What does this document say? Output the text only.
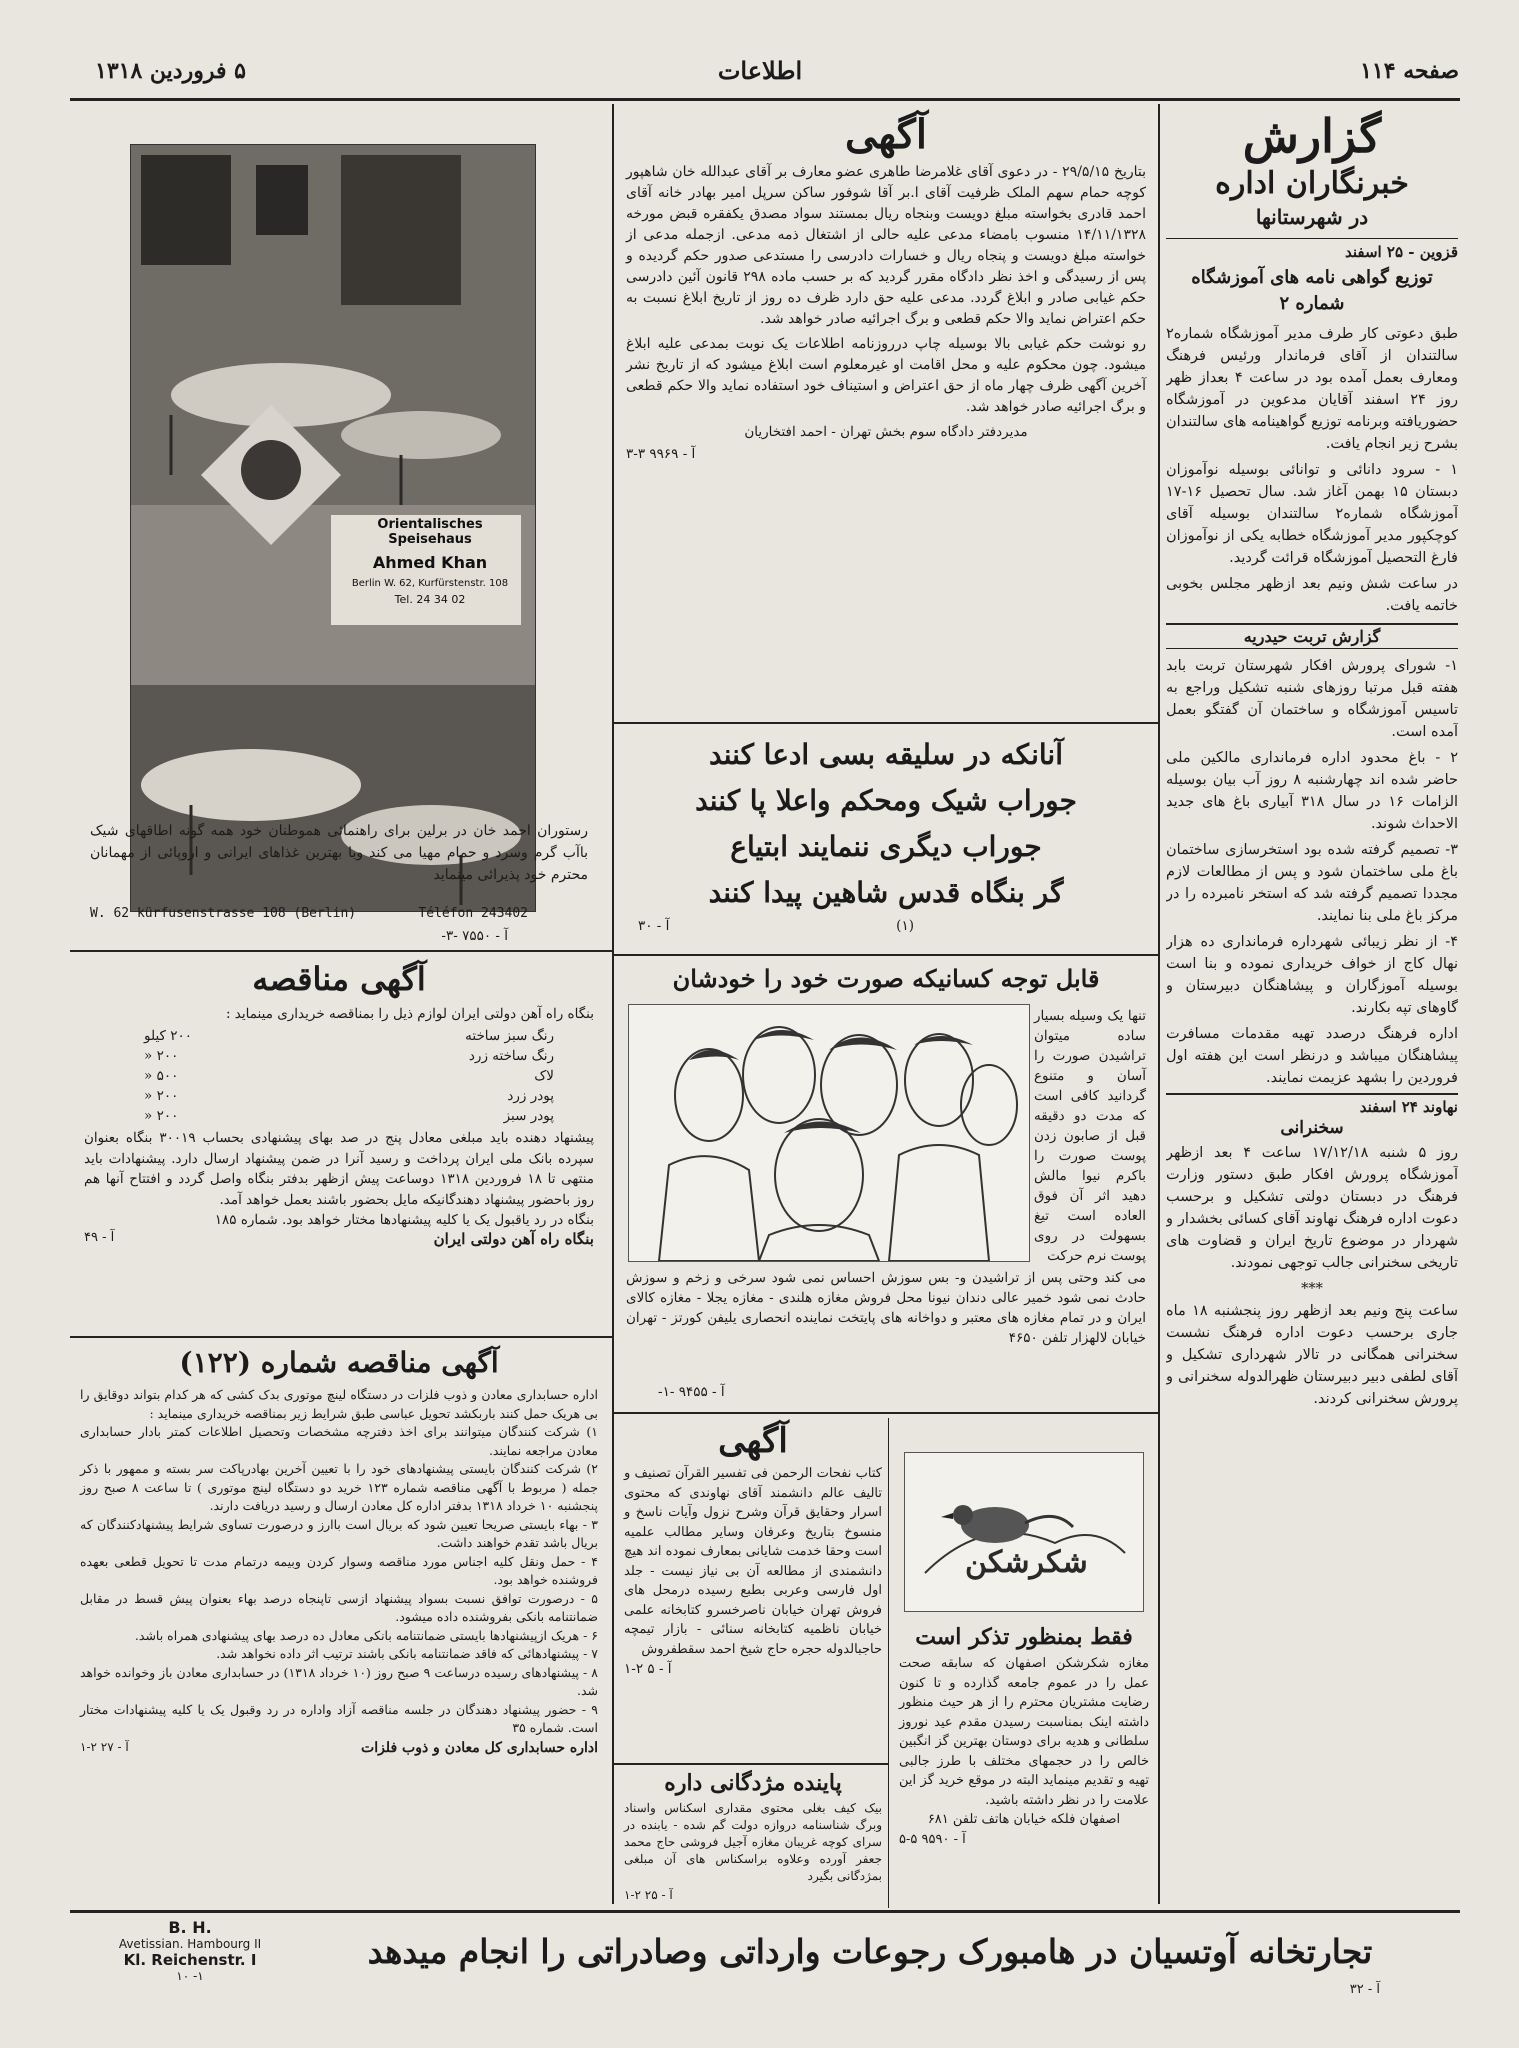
صفحه ۱۱۴
اطلاعات
۵ فروردین ۱۳۱۸
گزارش
خبرنگاران اداره
در شهرستانها
قزوین - ۲۵ اسفند
توزیع گواهی نامه های آموزشگاه شماره ۲

طبق دعوتی کار طرف مدیر آموزشگاه شماره۲ سالتندان از آقای فرماندار ورئیس فرهنگ ومعارف بعمل آمده بود در ساعت ۴ بعداز ظهر روز ۲۴ اسفند آقایان مدعوین در آموزشگاه حضوریافته وبرنامه توزیع گواهینامه های سالتندان بشرح زیر انجام یافت.

۱ - سرود دانائی و توانائی بوسیله نوآموزان دبستان ۱۵ بهمن آغاز شد. سال تحصیل ۱۶-۱۷ آموزشگاه شماره۲ سالتندان بوسیله آقای کوچکپور مدیر آموزشگاه خطابه یکی از نوآموزان فارغ التحصیل آموزشگاه قرائت گردید.

در ساعت شش ونیم بعد ازظهر مجلس بخوبی خاتمه یافت.

گزارش تربت حیدریه

۱- شورای پرورش افکار شهرستان تربت بابد هفته قبل مرتبا روزهای شنبه تشکیل وراجع به تاسیس آموزشگاه و ساختمان آن گفتگو بعمل آمده است.

۲ - باغ محدود اداره فرمانداری مالکین ملی حاضر شده اند چهارشنبه ۸ روز آب بیان بوسیله الزامات ۱۶ در سال ۳۱۸ آبیاری باغ های جدید الاحداث شوند.

۳- تصمیم گرفته شده بود استخرسازی ساختمان باغ ملی ساختمان شود و پس از مطالعات لازم مجددا تصمیم گرفته شد که استخر نامبرده را در مرکز باغ ملی بنا نمایند.

۴- از نظر زیبائی شهرداره فرمانداری ده هزار نهال کاج از خواف خریداری نموده و بنا است بوسیله آموزگاران و پیشاهنگان دبیرستان و گاوهای تپه بکارند.

اداره فرهنگ درصدد تهیه مقدمات مسافرت پیشاهنگان میباشد و درنظر است این هفته اول فروردین را بشهد عزیمت نمایند.

نهاوند ۲۴ اسفند
سخنرانی

روز ۵ شنبه ۱۷/۱۲/۱۸ ساعت ۴ بعد ازظهر آموزشگاه پرورش افکار طبق دستور وزارت فرهنگ در دبستان دولتی تشکیل و برحسب دعوت اداره فرهنگ نهاوند آقای کسائی بخشدار و شهردار در موضوع تاریخ ایران و قضاوت های تاریخی سخنرانی جالب توجهی نمودند.

***

ساعت پنج ونیم بعد ازظهر روز پنجشنبه ۱۸ ماه جاری برحسب دعوت اداره فرهنگ نشست سخنرانی همگانی در تالار شهرداری تشکیل و آقای لطفی دبیر دبیرستان ظهرالدوله سخنرانی و پرورش سخنرانی کردند.

آگهی

بتاریخ ۲۹/۵/۱۵ - در دعوی آقای غلامرضا طاهری عضو معارف بر آقای عبدالله خان شاهپور کوچه حمام سهم الملک ظرفیت آقای ا.بر آقا شوفور ساکن سرپل امیر بهادر خانه آقای احمد قادری بخواسته مبلغ دویست وبنجاه ریال بمستند سواد مصدق یکفقره قبض مورخه ۱۴/۱۱/۱۳۲۸ منسوب بامضاء مدعی علیه حالی از اشتغال ذمه مدعی. ازجمله مدعی از خواسته مبلغ دویست و پنجاه ریال و خسارات دادرسی را مستدعی صدور حکم گردیده و پس از رسیدگی و اخذ نظر دادگاه مقرر گردید که بر حسب ماده ۲۹۸ قانون آئین دادرسی حکم غیابی صادر و ابلاغ گردد. مدعی علیه حق دارد ظرف ده روز از تاریخ ابلاغ نسبت به حکم اعتراض نماید والا حکم قطعی و برگ اجرائیه صادر خواهد شد.

رو نوشت حکم غیابی بالا بوسیله چاپ درروزنامه اطلاعات یک نوبت بمدعی علیه ابلاغ میشود. چون محکوم علیه و محل اقامت او غیرمعلوم است ابلاغ میشود که از تاریخ نشر آخرین آگهی ظرف چهار ماه از حق اعتراض و استیناف خود استفاده نماید والا حکم قطعی و برگ اجرائیه صادر خواهد شد.

مدیردفتر دادگاه سوم بخش تهران - احمد افتخاریان
آ - ۹۹۶۹ ۳-۳
آنانکه در سلیقه بسی ادعا کنند
جوراب شیک ومحکم واعلا پا کنند
جوراب دیگری ننمایند ابتیاع
گر بنگاه قدس شاهین پیدا کنند
(۱)
آ - ۳۰
قابل توجه کسانیکه صورت خود را خودشان
تنها یک وسیله بسیار ساده میتوان تراشیدن صورت را آسان و متنوع گردانید کافی است که مدت دو دقیقه قبل از صابون زدن پوست صورت را باکرم نیوا مالش دهید اثر آن فوق العاده است تیغ بسهولت در روی پوست نرم حرکت
می کند وحتی پس از تراشیدن و- بس سوزش احساس نمی شود سرخی و زخم و سوزش حادث نمی شود خمیر عالی دندان نیونا محل فروش مغازه هلندی - مغازه یجلا - مغازه کالای ایران و در تمام مغازه های معتبر و دواخانه های پایتخت نماینده انحصاری یلیفن کورتز - تهران خیابان لالهزار تلفن ۴۶۵۰
آ - ۹۴۵۵ -۱-
آگهی
کتاب نفحات الرحمن فی تفسیر القرآن تصنیف و تالیف عالم دانشمند آقای نهاوندی که محتوی اسرار وحقایق قرآن وشرح نزول وآیات ناسخ و منسوخ بتاریخ وعرفان وسایر مطالب علمیه است وحقا خدمت شایانی بمعارف نموده اند هیچ دانشمندی از مطالعه آن بی نیاز نیست - جلد اول فارسی وعربی بطبع رسیده درمحل های فروش تهران خیابان ناصرخسرو کتابخانه علمی خیابان ناظمیه کتابخانه سنائی - بازار تیمچه حاجبالدوله حجره حاج شیخ احمد سقطفروش
آ - ۵ ۲-۱
شکرشکن
فقط بمنظور تذکر است
مغازه شکرشکن اصفهان که سابقه صحت عمل را در عموم جامعه گذارده و تا کنون رضایت مشتریان محترم را از هر حیث منظور داشته اینک بمناسبت رسیدن مقدم عید نوروز سلطانی و هدیه برای دوستان بهترین گز انگبین خالص را در حجمهای مختلف با طرز جالبی تهیه و تقدیم مینماید البته در موقع خرید گز این علامت را در نظر داشته باشید.
اصفهان فلکه خیابان هاتف تلفن ۶۸۱
آ - ۹۵۹۰ ۵-۵
پاینده مژدگانی داره
بیک کیف بغلی محتوی مقداری اسکناس واسناد وبرگ شناسنامه دروازه دولت گم شده - یابنده در سرای کوچه غریبان مغازه آجیل فروشی حاج محمد جعفر آورده وعلاوه براسکناس های آن مبلغی بمژدگانی بگیرد
آ - ۲۵ ۲-۱
Orientalisches Speisehaus
Ahmed Khan
Berlin W. 62, Kurfürstenstr. 108
Tel. 24 34 02
رستوران احمد خان در برلین برای راهنمائی هموطنان خود همه گونه اطاقهای شیک باآب گرم وسرد و حمام مهیا می کند وبا بهترین غذاهای ایرانی و اروپائی از مهمانان محترم خود پذیرائی مینماید
W. 62 kürfusenstrasse 108 (Berlin)	Téléfon 243402
آ - ۷۵۵۰ -۳-
آگهی مناقصه
بنگاه راه آهن دولتی ایران لوازم ذیل را بمناقصه خریداری مینماید :
رنگ سبز ساخته
۲۰۰ کیلو
رنگ ساخته زرد
۲۰۰ «
لاک
۵۰۰ «
پودر زرد
۲۰۰ «
پودر سبز
۲۰۰ «
پیشنهاد دهنده باید مبلغی معادل پنج در صد بهای پیشنهادی بحساب ۳۰۰۱۹ بنگاه بعنوان سپرده بانک ملی ایران پرداخت و رسید آنرا در ضمن پیشنهاد ارسال دارد. پیشنهادات باید منتهی تا ۱۸ فروردین ۱۳۱۸ دوساعت پیش ازظهر بدفتر بنگاه واصل گردد و افتتاح آنها هم روز باحضور پیشنهاد دهندگانیکه مایل بحضور باشند بعمل خواهد آمد.
بنگاه در رد یاقبول یک یا کلیه پیشنهادها مختار خواهد بود. شماره ۱۸۵
بنگاه راه آهن دولتی ایران
آ - ۴۹
آگهی مناقصه شماره (۱۲۲)
اداره حسابداری معادن و ذوب فلزات در دستگاه لینچ موتوری بدک کشی که هر کدام بتواند دوقایق را بی هریک حمل کنند باربکشد تحویل عباسی طبق شرایط زیر بمناقصه خریداری مینماید :
۱) شرکت کنندگان میتوانند برای اخذ دفترچه مشخصات وتحصیل اطلاعات کمتر بادار حسابداری معادن مراجعه نمایند.
۲) شرکت کنندگان بایستی پیشنهادهای خود را با تعیین آخرین بهادرپاکت سر بسته و ممهور با ذکر جمله ( مربوط با آگهی مناقصه شماره ۱۲۳ خرید دو دستگاه لینچ موتوری ) تا ساعت ۸ صبح روز پنجشنبه ۱۰ خرداد ۱۳۱۸ بدفتر اداره کل معادن ارسال و رسید دریافت دارند.
۳ - بهاء بایستی صریحا تعیین شود که بریال است باارز و درصورت تساوی شرایط پیشنهادکنندگان که بریال باشد تقدم خواهند داشت.
۴ - حمل ونقل کلیه اجناس مورد مناقصه وسوار کردن وبیمه درتمام مدت تا تحویل قطعی بعهده فروشنده خواهد بود.
۵ - درصورت توافق نسبت بسواد پیشنهاد ازسی تاپنجاه درصد بهاء بعنوان پیش قسط در مقابل ضمانتنامه بانکی بفروشنده داده میشود.
۶ - هریک ازپیشنهادها بایستی ضمانتنامه بانکی معادل ده درصد بهای پیشنهادی همراه باشد.
۷ - پیشنهادهائی که فاقد ضمانتنامه بانکی باشند ترتیب اثر داده نخواهد شد.
۸ - پیشنهادهای رسیده درساعت ۹ صبح روز (۱۰ خرداد ۱۳۱۸) در حسابداری معادن باز وخوانده خواهد شد.
۹ - حضور پیشنهاد دهندگان در جلسه مناقصه آزاد واداره در رد وقبول یک یا کلیه پیشنهادات مختار است. شماره ۳۵
اداره حسابداری کل معادن و ذوب فلزات
آ - ۲۷ ۲-۱
B. H.
Avetissian. Hambourg II
Kl. Reichenstr. I
۱۰ -۱
تجارتخانه آوتسیان در هامبورک رجوعات وارداتی وصادراتی را انجام میدهد
آ - ۳۲
